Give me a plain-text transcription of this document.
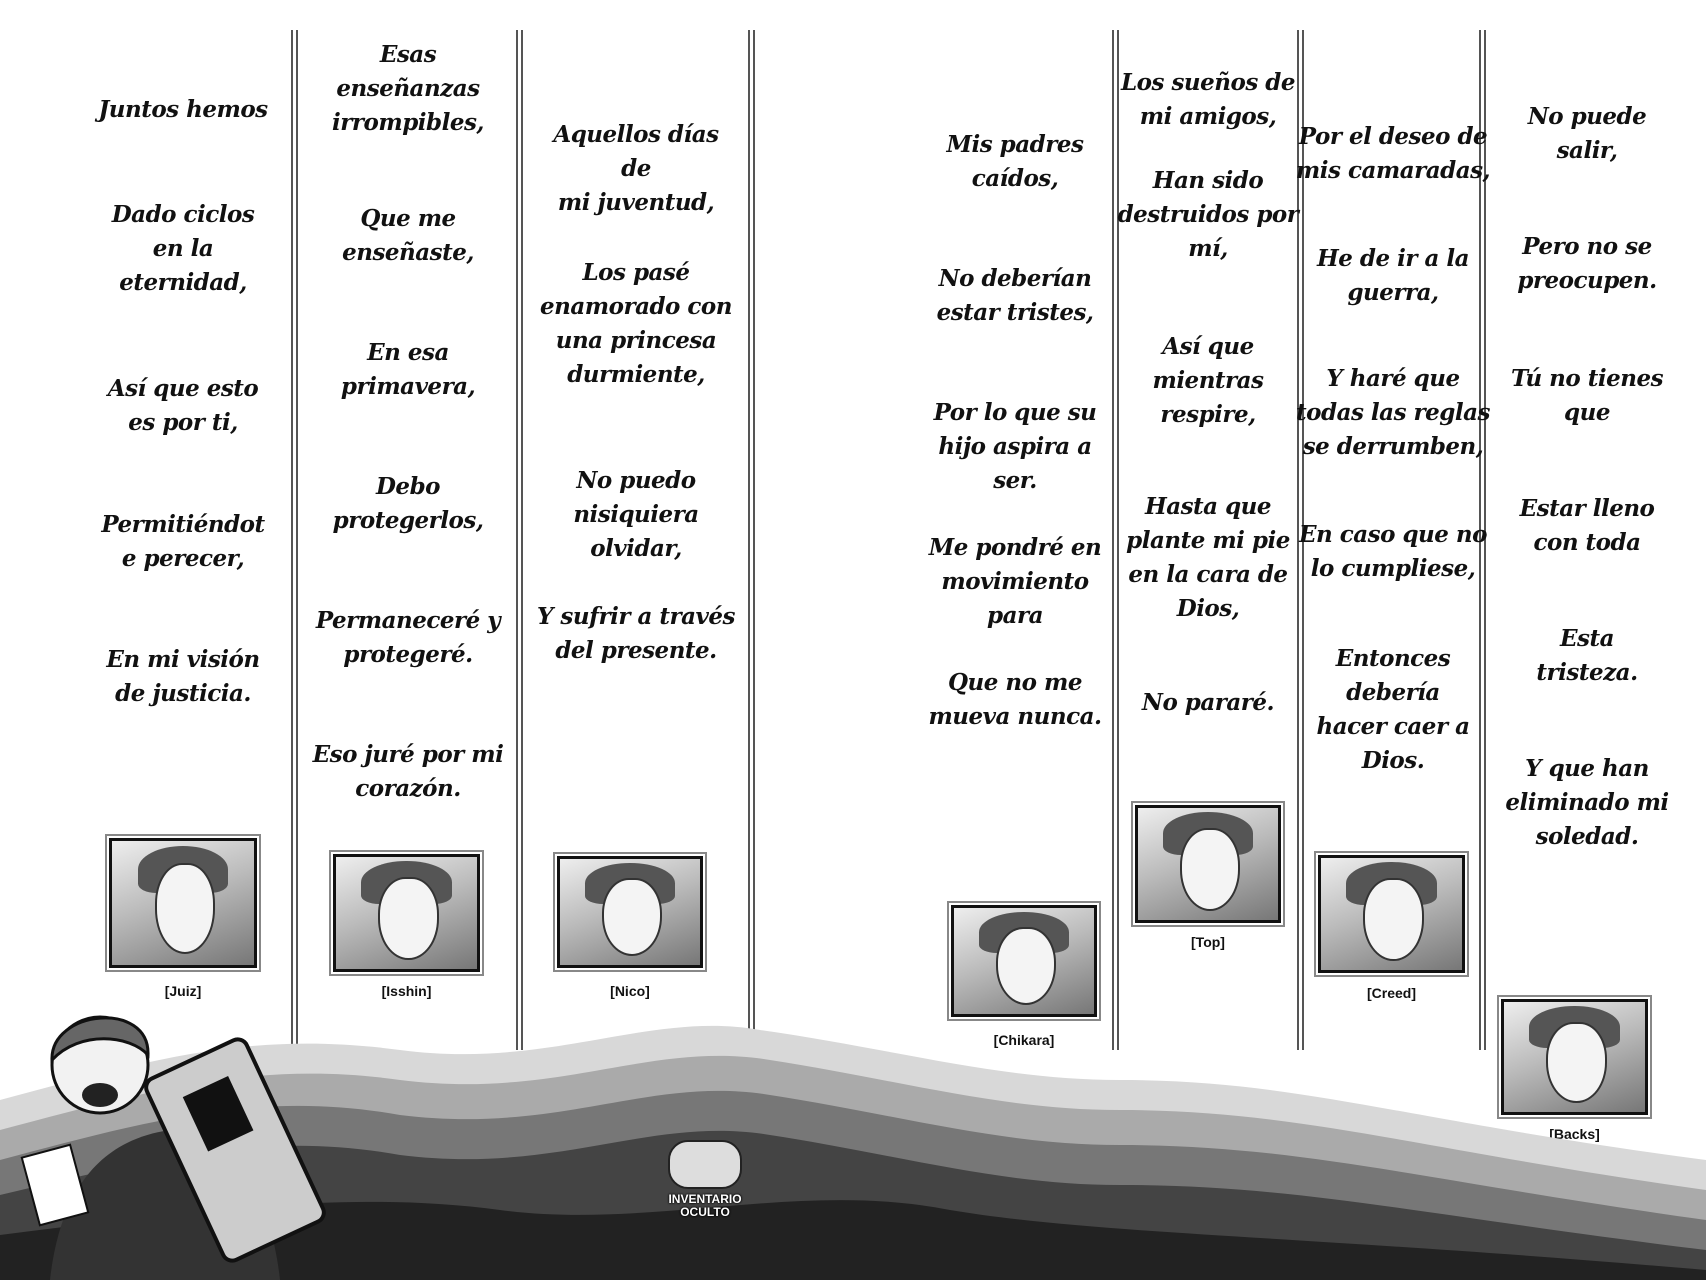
Juntos hemos
Dado ciclos
en la
eternidad,
Así que esto
es por ti,
Permitiéndot
e perecer,
En mi visión
de justicia.
[Juiz]
Esas
enseñanzas
irrompibles,
Que me
enseñaste,
En esa
primavera,
Debo
protegerlos,
Permaneceré y
protegeré.
Eso juré por mi
corazón.
[Isshin]
Aquellos días de
mi juventud,
Los pasé
enamorado con
una princesa
durmiente,
No puedo
nisiquiera olvidar,
Y sufrir a través
del presente.
[Nico]
Mis padres
caídos,
No deberían
estar tristes,
Por lo que su
hijo aspira a ser.
Me pondré en
movimiento para
Que no me
mueva nunca.
[Chikara]
Los sueños de
mi amigos,
Han sido
destruidos por
mí,
Así que
mientras
respire,
Hasta que
plante mi pie
en la cara de
Dios,
No pararé.
[Top]
Por el deseo de
mis camaradas,
He de ir a la
guerra,
Y haré que
todas las reglas
se derrumben,
En caso que no
lo cumpliese,
Entonces debería
hacer caer a
Dios.
[Creed]
No puede
salir,
Pero no se
preocupen.
Tú no tienes
que
Estar lleno
con toda
Esta
tristeza.
Y que han
eliminado mi
soledad.
[Backs]
INVENTARIO
OCULTO
